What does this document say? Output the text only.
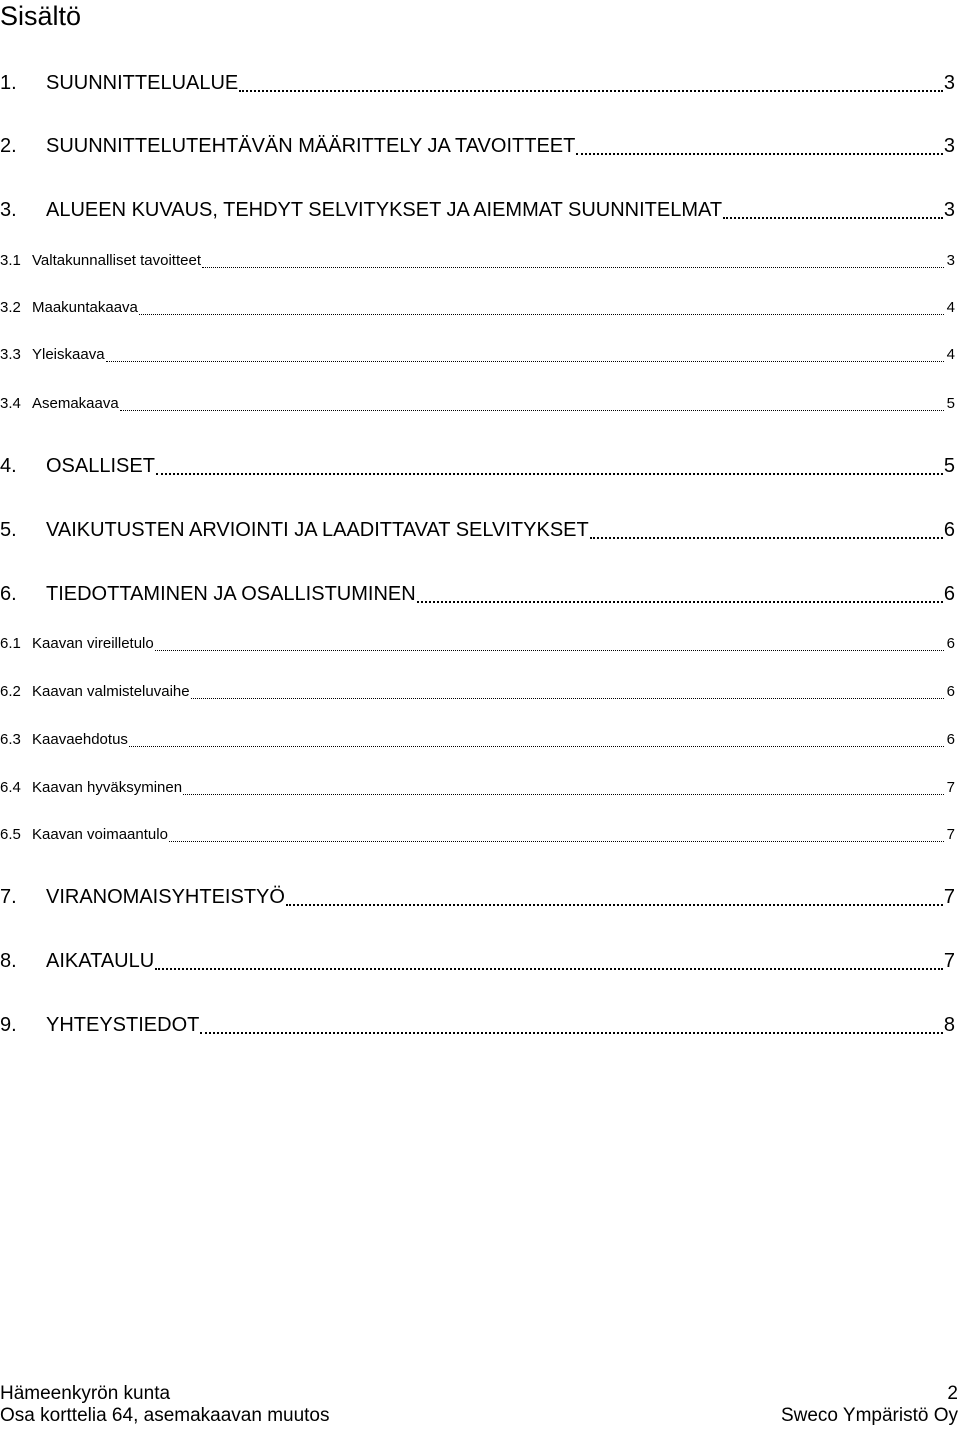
Sisältö
1.	SUUNNITTELUALUE	3
2.	SUUNNITTELUTEHTÄVÄN MÄÄRITTELY JA TAVOITTEET	3
3.	ALUEEN KUVAUS, TEHDYT SELVITYKSET JA AIEMMAT SUUNNITELMAT	3
3.1 Valtakunnalliset tavoitteet	3
3.2 Maakuntakaava	4
3.3 Yleiskaava	4
3.4 Asemakaava	5
4.	OSALLISET	5
5.	VAIKUTUSTEN ARVIOINTI JA LAADITTAVAT SELVITYKSET	6
6.	TIEDOTTAMINEN JA OSALLISTUMINEN	6
6.1 Kaavan vireilletulo	6
6.2 Kaavan valmisteluvaihe	6
6.3 Kaavaehdotus	6
6.4 Kaavan hyväksyminen	7
6.5 Kaavan voimaantulo	7
7.	VIRANOMAISYHTEISTYÖ	7
8.	AIKATAULU	7
9.	YHTEYSTIEDOT	8
Hämeenkyrön kunta
Osa korttelia 64, asemakaavan muutos
2
Sweco Ympäristö Oy
